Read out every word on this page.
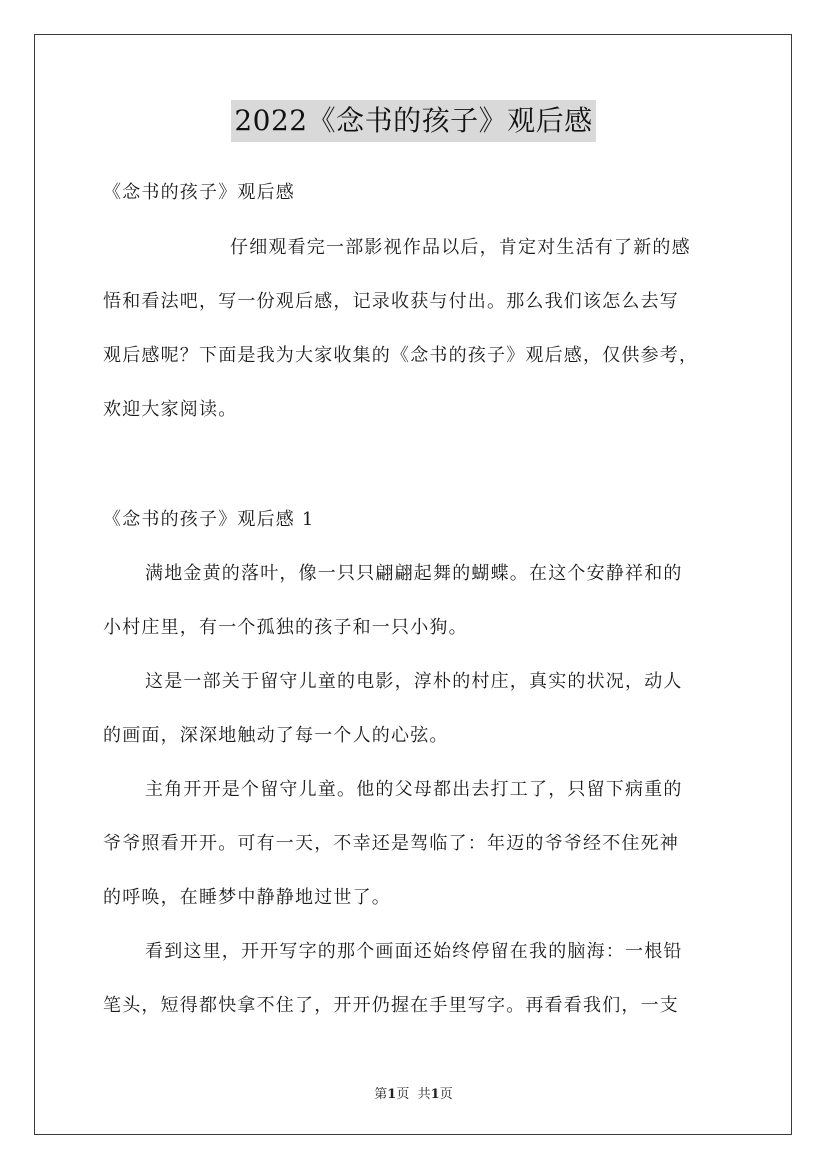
2022《念书的孩子》观后感
《念书的孩子》观后感
仔细观看完一部影视作品以后，肯定对生活有了新的感
悟和看法吧，写一份观后感，记录收获与付出。那么我们该怎么去写
观后感呢？下面是我为大家收集的《念书的孩子》观后感，仅供参考，
欢迎大家阅读。
《念书的孩子》观后感 1
满地金黄的落叶，像一只只翩翩起舞的蝴蝶。在这个安静祥和的
小村庄里，有一个孤独的孩子和一只小狗。
这是一部关于留守儿童的电影，淳朴的村庄，真实的状况，动人
的画面，深深地触动了每一个人的心弦。
主角开开是个留守儿童。他的父母都出去打工了，只留下病重的
爷爷照看开开。可有一天，不幸还是驾临了：年迈的爷爷经不住死神
的呼唤，在睡梦中静静地过世了。
看到这里，开开写字的那个画面还始终停留在我的脑海：一根铅
笔头，短得都快拿不住了，开开仍握在手里写字。再看看我们，一支
第1页 共1页
